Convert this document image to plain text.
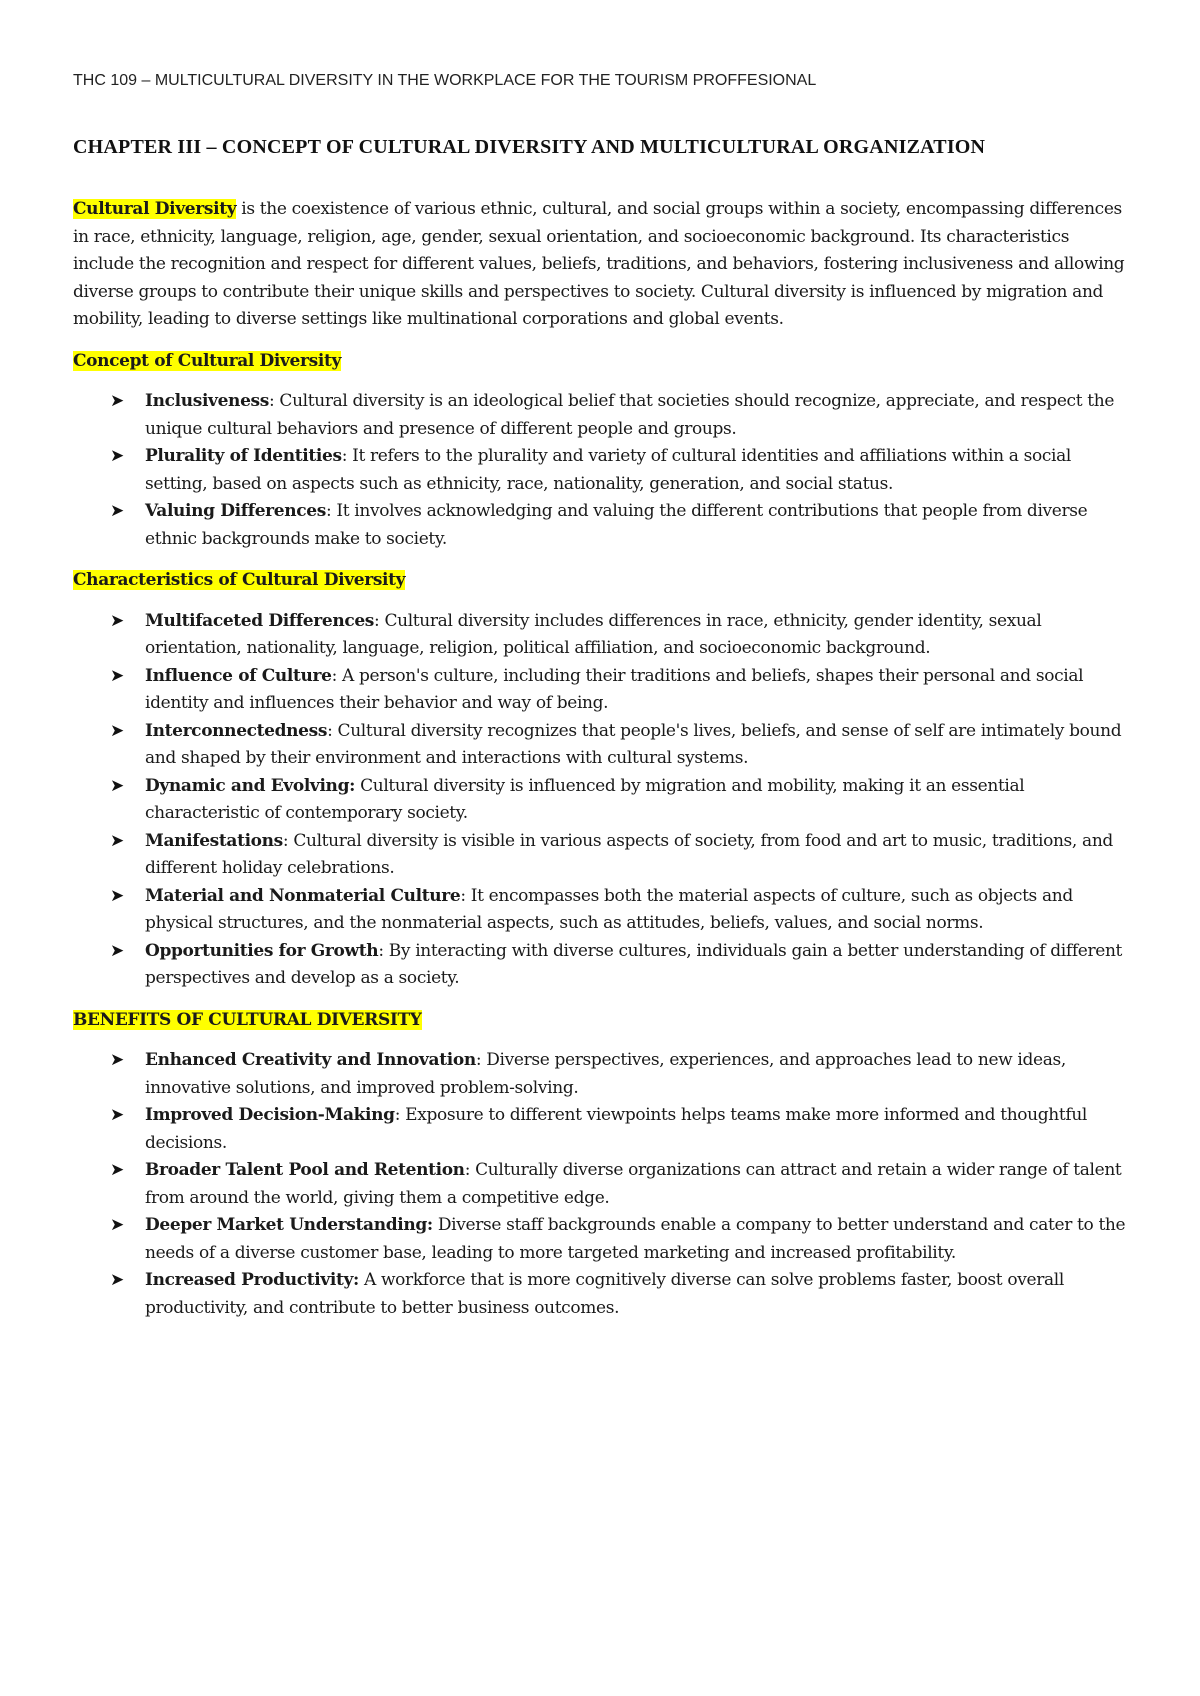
THC 109 – MULTICULTURAL DIVERSITY IN THE WORKPLACE FOR THE TOURISM PROFFESIONAL

CHAPTER III – CONCEPT OF CULTURAL DIVERSITY AND MULTICULTURAL ORGANIZATION

Cultural Diversity is the coexistence of various ethnic, cultural, and social groups within a society, encompassing differences in race, ethnicity, language, religion, age, gender, sexual orientation, and socioeconomic background. Its characteristics include the recognition and respect for different values, beliefs, traditions, and behaviors, fostering inclusiveness and allowing diverse groups to contribute their unique skills and perspectives to society. Cultural diversity is influenced by migration and mobility, leading to diverse settings like multinational corporations and global events.

Concept of Cultural Diversity

➤ Inclusiveness: Cultural diversity is an ideological belief that societies should recognize, appreciate, and respect the unique cultural behaviors and presence of different people and groups.
➤ Plurality of Identities: It refers to the plurality and variety of cultural identities and affiliations within a social setting, based on aspects such as ethnicity, race, nationality, generation, and social status.
➤ Valuing Differences: It involves acknowledging and valuing the different contributions that people from diverse ethnic backgrounds make to society.

Characteristics of Cultural Diversity

➤ Multifaceted Differences: Cultural diversity includes differences in race, ethnicity, gender identity, sexual orientation, nationality, language, religion, political affiliation, and socioeconomic background.
➤ Influence of Culture: A person's culture, including their traditions and beliefs, shapes their personal and social identity and influences their behavior and way of being.
➤ Interconnectedness: Cultural diversity recognizes that people's lives, beliefs, and sense of self are intimately bound and shaped by their environment and interactions with cultural systems.
➤ Dynamic and Evolving: Cultural diversity is influenced by migration and mobility, making it an essential characteristic of contemporary society.
➤ Manifestations: Cultural diversity is visible in various aspects of society, from food and art to music, traditions, and different holiday celebrations.
➤ Material and Nonmaterial Culture: It encompasses both the material aspects of culture, such as objects and physical structures, and the nonmaterial aspects, such as attitudes, beliefs, values, and social norms.
➤ Opportunities for Growth: By interacting with diverse cultures, individuals gain a better understanding of different perspectives and develop as a society.

BENEFITS OF CULTURAL DIVERSITY

➤ Enhanced Creativity and Innovation: Diverse perspectives, experiences, and approaches lead to new ideas, innovative solutions, and improved problem-solving.
➤ Improved Decision-Making: Exposure to different viewpoints helps teams make more informed and thoughtful decisions.
➤ Broader Talent Pool and Retention: Culturally diverse organizations can attract and retain a wider range of talent from around the world, giving them a competitive edge.
➤ Deeper Market Understanding: Diverse staff backgrounds enable a company to better understand and cater to the needs of a diverse customer base, leading to more targeted marketing and increased profitability.
➤ Increased Productivity: A workforce that is more cognitively diverse can solve problems faster, boost overall productivity, and contribute to better business outcomes.
